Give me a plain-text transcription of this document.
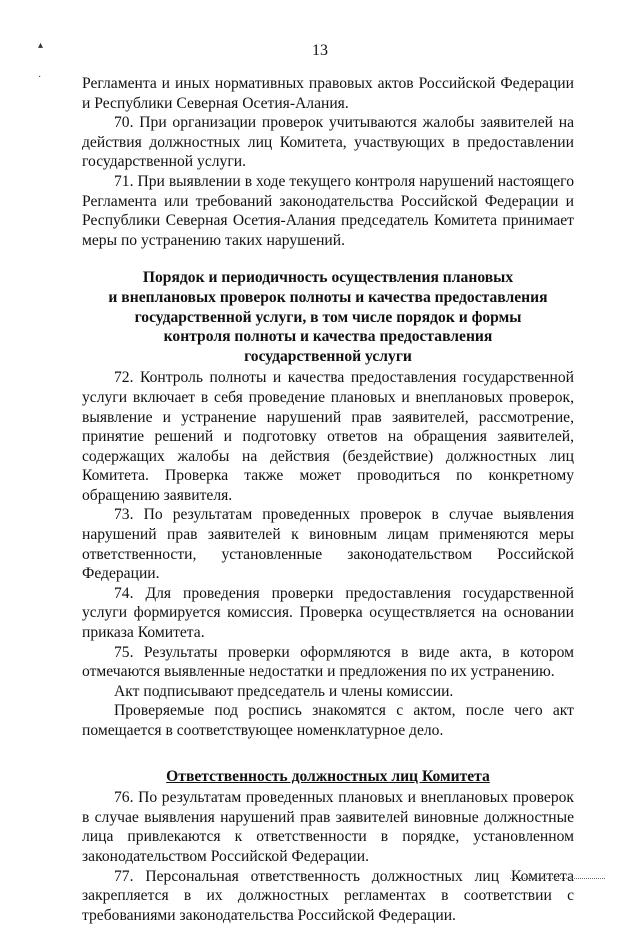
13
▴
·	Регламента и иных нормативных правовых актов Российской Федерации и Республики Северная Осетия-Алания.

70. При организации проверок учитываются жалобы заявителей на действия должностных лиц Комитета, участвующих в предоставлении государственной услуги.

71. При выявлении в ходе текущего контроля нарушений настоящего Регламента или требований законодательства Российской Федерации и Республики Северная Осетия-Алания председатель Комитета принимает меры по устранению таких нарушений.

Порядок и периодичность осуществления плановых
и внеплановых проверок полноты и качества предоставления
государственной услуги, в том числе порядок и формы
контроля полноты и качества предоставления
государственной услуги

72. Контроль полноты и качества предоставления государственной услуги включает в себя проведение плановых и внеплановых проверок, выявление и устранение нарушений прав заявителей, рассмотрение, принятие решений и подготовку ответов на обращения заявителей, содержащих жалобы на действия (бездействие) должностных лиц Комитета. Проверка также может проводиться по конкретному обращению заявителя.

73. По результатам проведенных проверок в случае выявления нарушений прав заявителей к виновным лицам применяются меры ответственности, установленные законодательством Российской Федерации.

74. Для проведения проверки предоставления государственной услуги формируется комиссия. Проверка осуществляется на основании приказа Комитета.

75. Результаты проверки оформляются в виде акта, в котором отмечаются выявленные недостатки и предложения по их устранению.

Акт подписывают председатель и члены комиссии.

Проверяемые под роспись знакомятся с актом, после чего акт помещается в соответствующее номенклатурное дело.

Ответственность должностных лиц Комитета

76. По результатам проведенных плановых и внеплановых проверок в случае выявления нарушений прав заявителей виновные должностные лица привлекаются к ответственности в порядке, установленном законодательством Российской Федерации.

77. Персональная ответственность должностных лиц Комитета закрепляется в их должностных регламентах в соответствии с требованиями законодательства Российской Федерации.
